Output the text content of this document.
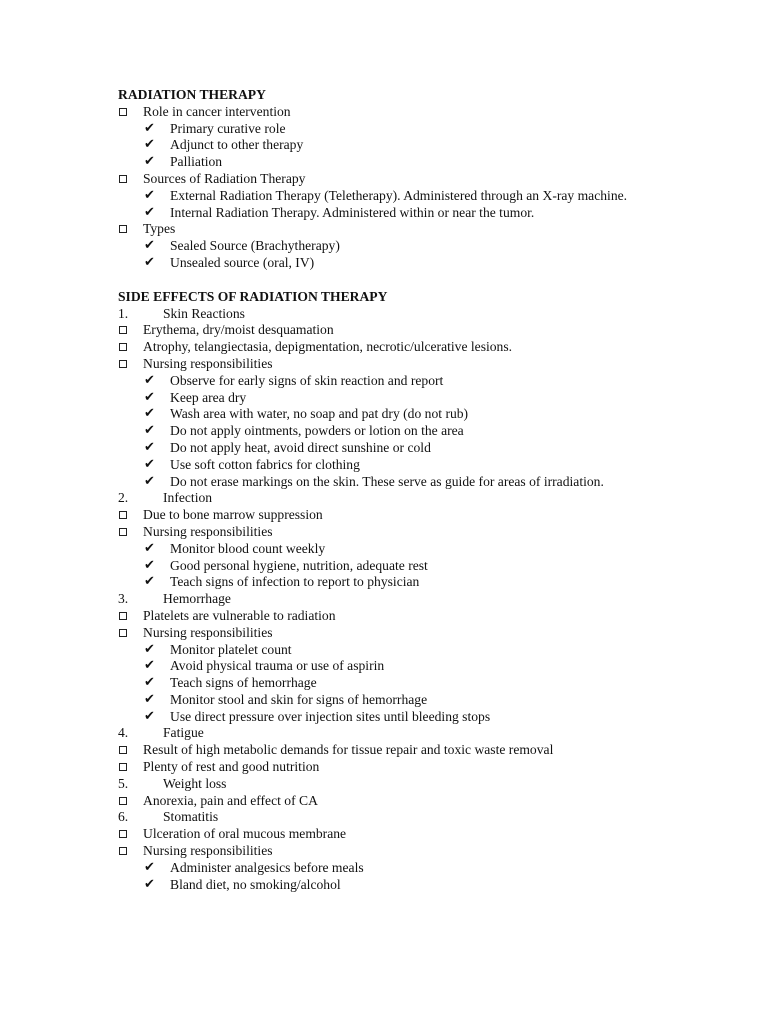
RADIATION THERAPY
Role in cancer intervention
✔	Primary curative role
✔	Adjunct to other therapy
✔	Palliation
Sources of Radiation Therapy
✔	External Radiation Therapy (Teletherapy). Administered through an X-ray machine.
✔	Internal Radiation Therapy. Administered within or near the tumor.
Types
✔	Sealed Source (Brachytherapy)
✔	Unsealed source (oral, IV)
SIDE EFFECTS OF RADIATION THERAPY
1.	Skin Reactions
Erythema, dry/moist desquamation
Atrophy, telangiectasia, depigmentation, necrotic/ulcerative lesions.
Nursing responsibilities
✔	Observe for early signs of skin reaction and report
✔	Keep area dry
✔	Wash area with water, no soap and pat dry (do not rub)
✔	Do not apply ointments, powders or lotion on the area
✔	Do not apply heat, avoid direct sunshine or cold
✔	Use soft cotton fabrics for clothing
✔	Do not erase markings on the skin. These serve as guide for areas of irradiation.
2.	Infection
Due to bone marrow suppression
Nursing responsibilities
✔	Monitor blood count weekly
✔	Good personal hygiene, nutrition, adequate rest
✔	Teach signs of infection to report to physician
3.	Hemorrhage
Platelets are vulnerable to radiation
Nursing responsibilities
✔	Monitor platelet count
✔	Avoid physical trauma or use of aspirin
✔	Teach signs of hemorrhage
✔	Monitor stool and skin for signs of hemorrhage
✔	Use direct pressure over injection sites until bleeding stops
4.	Fatigue
Result of high metabolic demands for tissue repair and toxic waste removal
Plenty of rest and good nutrition
5.	Weight loss
Anorexia, pain and effect of CA
6.	Stomatitis
Ulceration of oral mucous membrane
Nursing responsibilities
✔	Administer analgesics before meals
✔	Bland diet, no smoking/alcohol
